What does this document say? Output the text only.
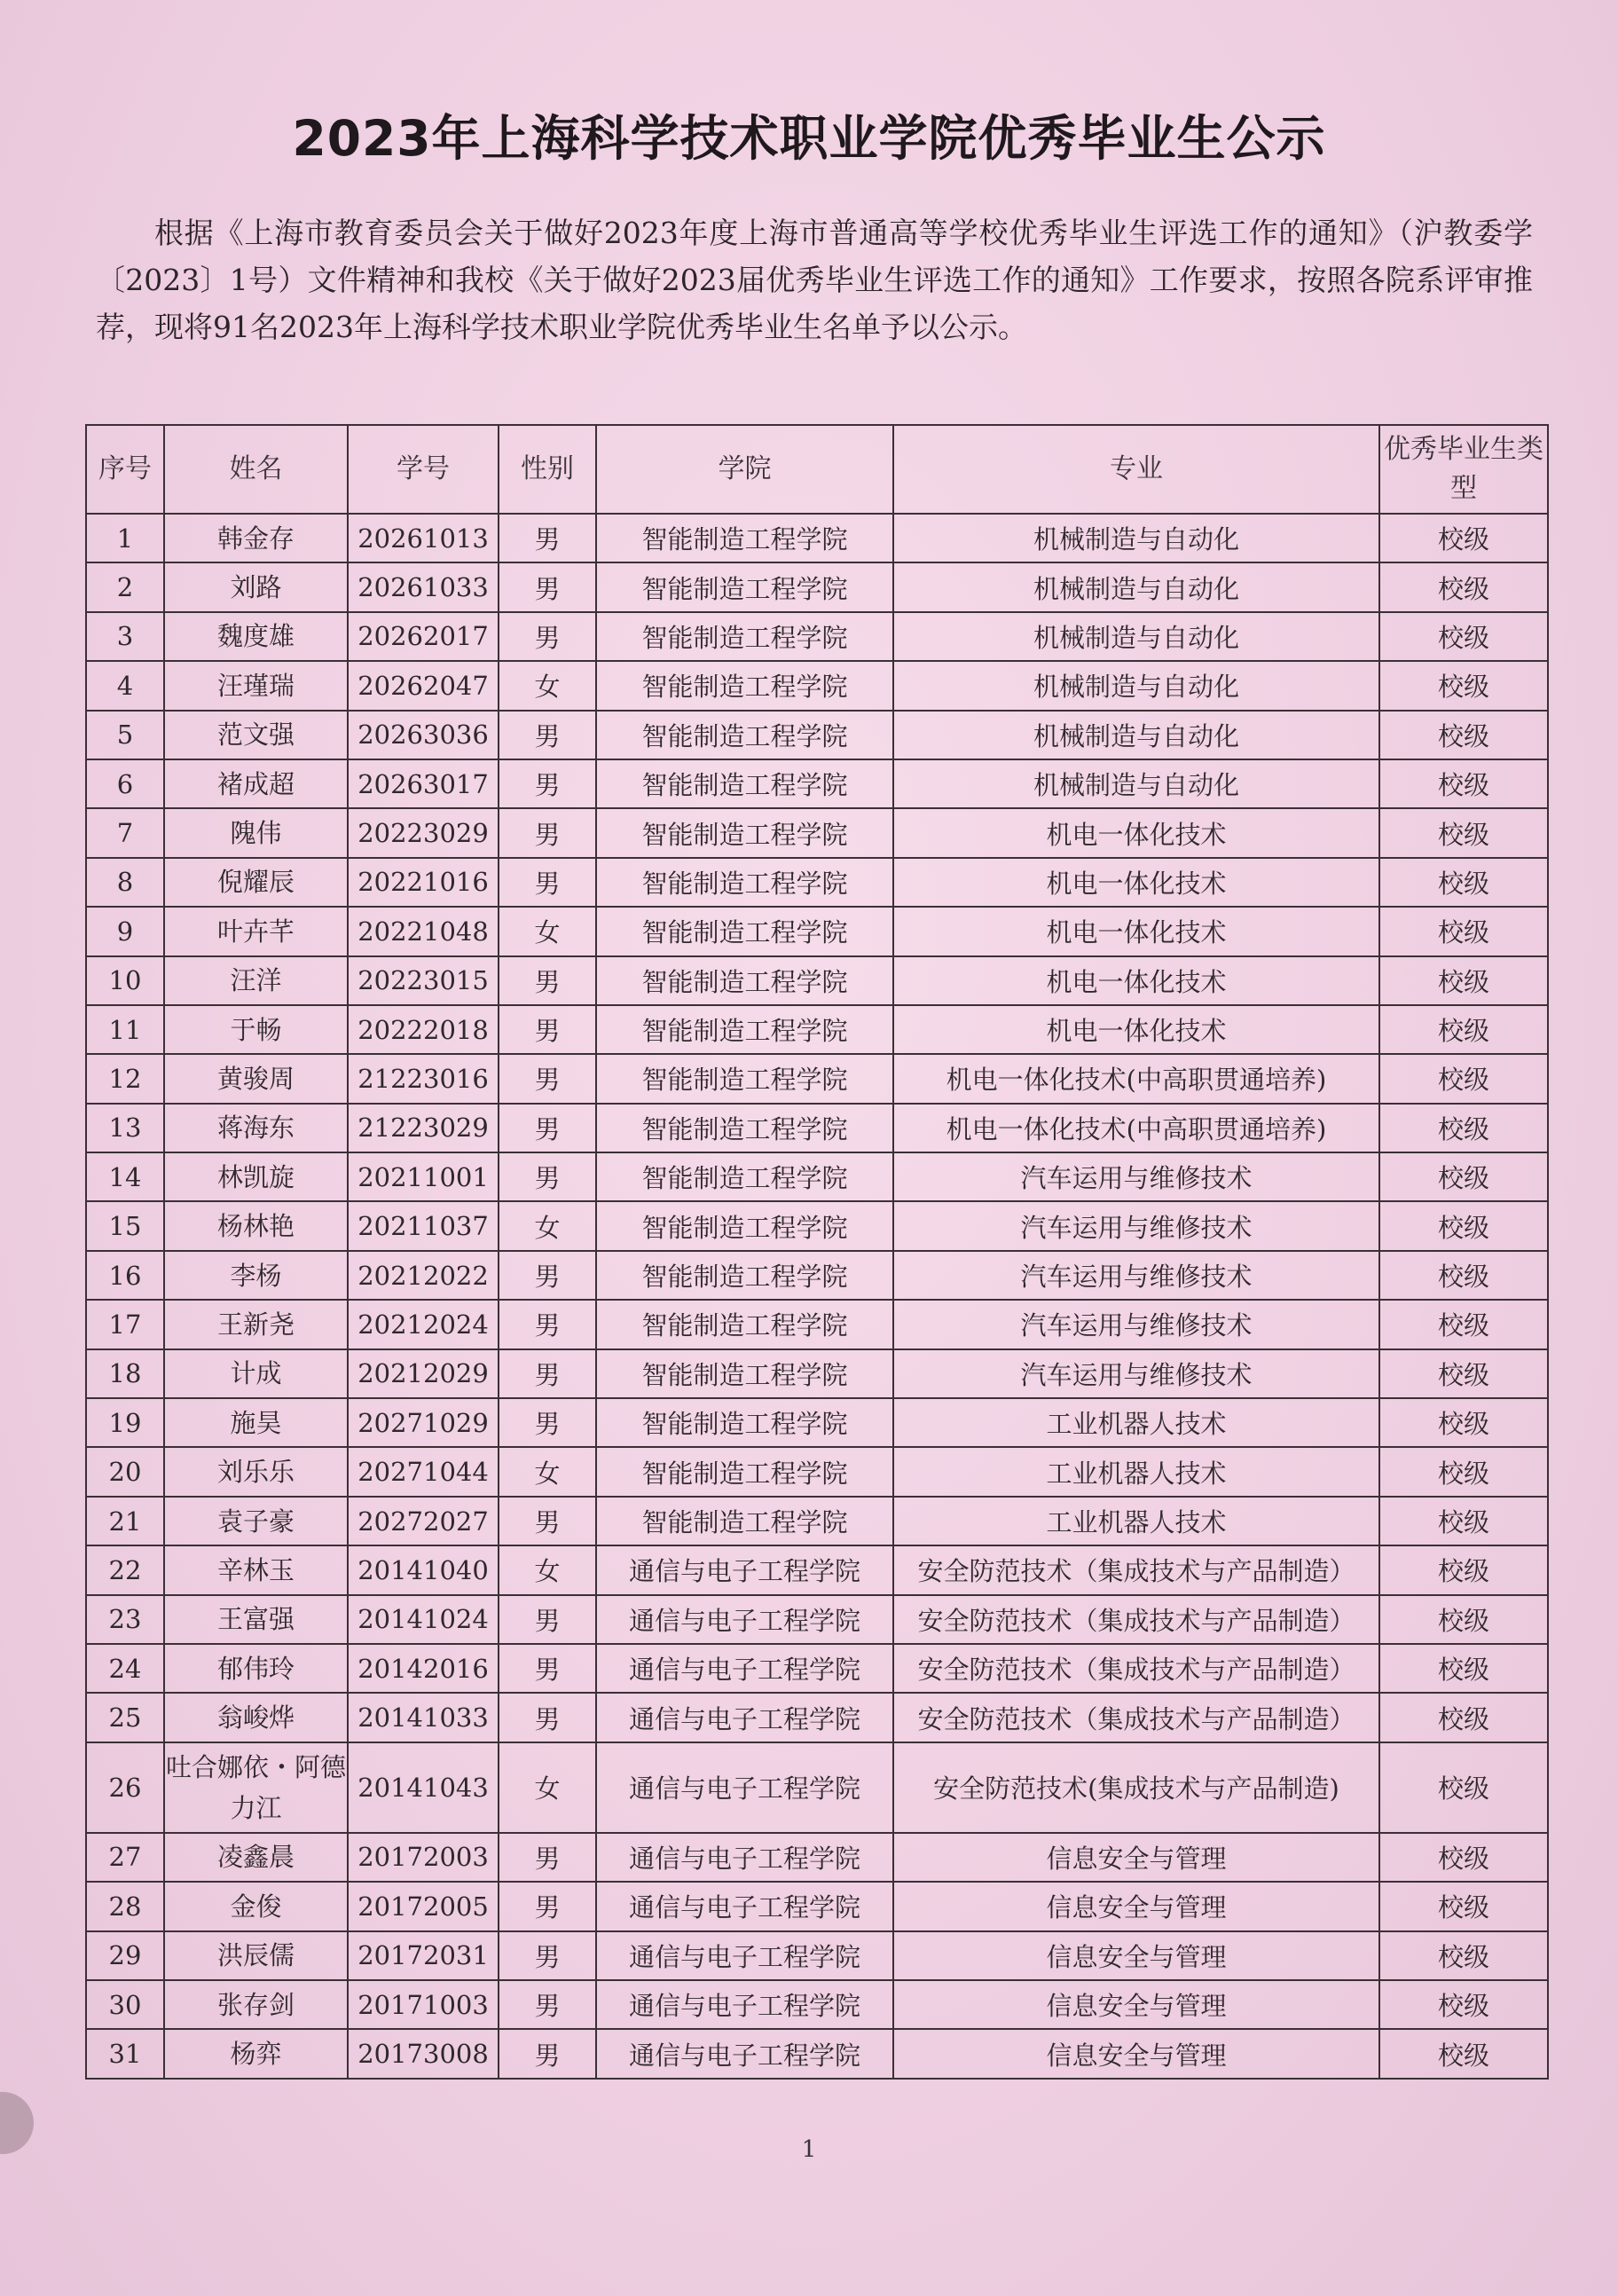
2023年上海科学技术职业学院优秀毕业生公示
根据《上海市教育委员会关于做好2023年度上海市普通高等学校优秀毕业生评选工作的通知》（沪教委学〔2023〕1号）文件精神和我校《关于做好2023届优秀毕业生评选工作的通知》工作要求，按照各院系评审推荐，现将91名2023年上海科学技术职业学院优秀毕业生名单予以公示。
序号	姓名	学号	性别	学院	专业	优秀毕业生类型
1	韩金存	20261013	男	智能制造工程学院	机械制造与自动化	校级
2	刘路	20261033	男	智能制造工程学院	机械制造与自动化	校级
3	魏度雄	20262017	男	智能制造工程学院	机械制造与自动化	校级
4	汪瑾瑞	20262047	女	智能制造工程学院	机械制造与自动化	校级
5	范文强	20263036	男	智能制造工程学院	机械制造与自动化	校级
6	褚成超	20263017	男	智能制造工程学院	机械制造与自动化	校级
7	隗伟	20223029	男	智能制造工程学院	机电一体化技术	校级
8	倪耀辰	20221016	男	智能制造工程学院	机电一体化技术	校级
9	叶卉芊	20221048	女	智能制造工程学院	机电一体化技术	校级
10	汪洋	20223015	男	智能制造工程学院	机电一体化技术	校级
11	于畅	20222018	男	智能制造工程学院	机电一体化技术	校级
12	黄骏周	21223016	男	智能制造工程学院	机电一体化技术(中高职贯通培养)	校级
13	蒋海东	21223029	男	智能制造工程学院	机电一体化技术(中高职贯通培养)	校级
14	林凯旋	20211001	男	智能制造工程学院	汽车运用与维修技术	校级
15	杨林艳	20211037	女	智能制造工程学院	汽车运用与维修技术	校级
16	李杨	20212022	男	智能制造工程学院	汽车运用与维修技术	校级
17	王新尧	20212024	男	智能制造工程学院	汽车运用与维修技术	校级
18	计成	20212029	男	智能制造工程学院	汽车运用与维修技术	校级
19	施昊	20271029	男	智能制造工程学院	工业机器人技术	校级
20	刘乐乐	20271044	女	智能制造工程学院	工业机器人技术	校级
21	袁子豪	20272027	男	智能制造工程学院	工业机器人技术	校级
22	辛林玉	20141040	女	通信与电子工程学院	安全防范技术（集成技术与产品制造）	校级
23	王富强	20141024	男	通信与电子工程学院	安全防范技术（集成技术与产品制造）	校级
24	郁伟玲	20142016	男	通信与电子工程学院	安全防范技术（集成技术与产品制造）	校级
25	翁峻烨	20141033	男	通信与电子工程学院	安全防范技术（集成技术与产品制造）	校级
26	吐合娜依・阿德力江	20141043	女	通信与电子工程学院	安全防范技术(集成技术与产品制造)	校级
27	凌鑫晨	20172003	男	通信与电子工程学院	信息安全与管理	校级
28	金俊	20172005	男	通信与电子工程学院	信息安全与管理	校级
29	洪辰儒	20172031	男	通信与电子工程学院	信息安全与管理	校级
30	张存剑	20171003	男	通信与电子工程学院	信息安全与管理	校级
31	杨弈	20173008	男	通信与电子工程学院	信息安全与管理	校级
1
